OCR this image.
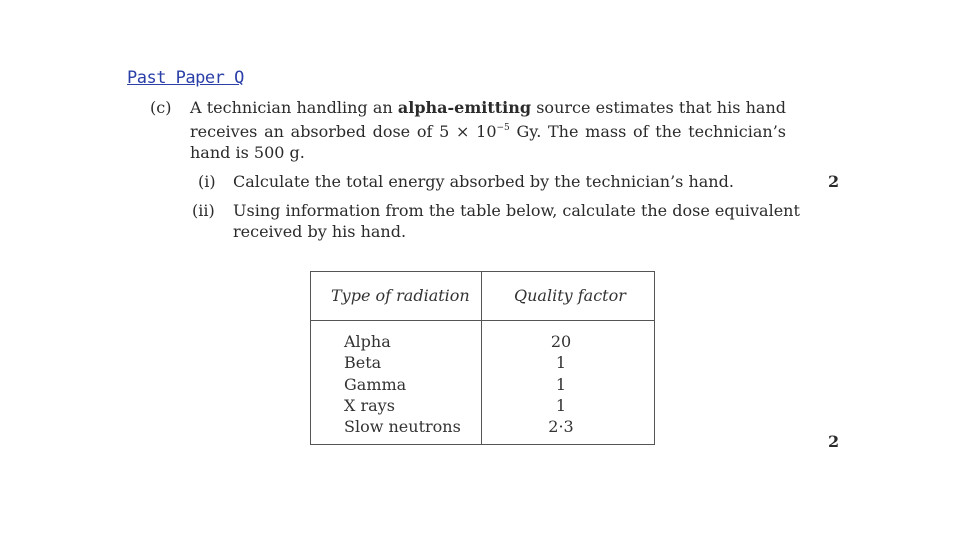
Past Paper Q
(c) A technician handling an alpha-emitting source estimates that his hand
receives an absorbed dose of $5 \times 10^{-5}$ Gy. The mass of the technician’s
hand is 500 g.
(i) Calculate the total energy absorbed by the technician’s hand.	2
(ii) Using information from the table below, calculate the dose equivalent
received by his hand.
2
Type of radiation	Quality factor
Alpha
Beta
Gamma
X rays
Slow neutrons
20
1
1
1
2·3
